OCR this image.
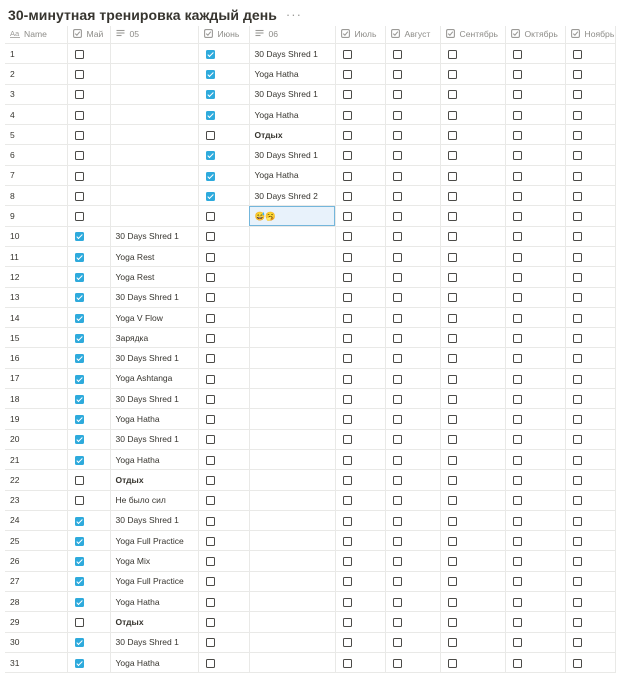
30-минутная тренировка каждый день ···
Aa Name	Май	05	Июнь	06	Июль	Август	Сентябрь	Октябрь	Ноябрь

1				30 Days Shred 1					
2				Yoga Hatha					
3				30 Days Shred 1					
4				Yoga Hatha					
5				Отдых					
6				30 Days Shred 1					
7				Yoga Hatha					
8				30 Days Shred 2					
9				😅🥱					
10		30 Days Shred 1							
11		Yoga Rest							
12		Yoga Rest							
13		30 Days Shred 1							
14		Yoga V Flow							
15		Зарядка							
16		30 Days Shred 1							
17		Yoga Ashtanga							
18		30 Days Shred 1							
19		Yoga Hatha							
20		30 Days Shred 1							
21		Yoga Hatha							
22		Отдых							
23		Не было сил							
24		30 Days Shred 1							
25		Yoga Full Practice							
26		Yoga Mix							
27		Yoga Full Practice							
28		Yoga Hatha							
29		Отдых							
30		30 Days Shred 1							
31		Yoga Hatha							
